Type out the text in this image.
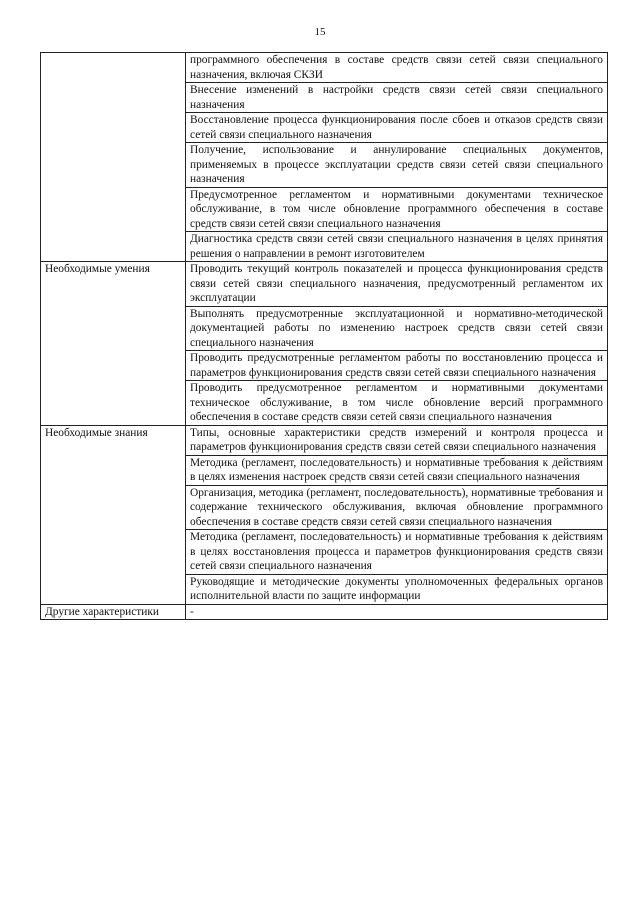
15

	программного обеспечения в составе средств связи сетей связи специального назначения, включая СКЗИ

	Внесение изменений в настройки средств связи сетей связи специального назначения

	Восстановление процесса функционирования после сбоев и отказов средств связи сетей связи специального назначения

	Получение, использование и аннулирование специальных документов, применяемых в процессе эксплуатации средств связи сетей связи специального назначения

	Предусмотренное регламентом и нормативными документами техническое обслуживание, в том числе обновление программного обеспечения в составе средств связи сетей связи специального назначения

	Диагностика средств связи сетей связи специального назначения в целях принятия решения о направлении в ремонт изготовителем

Необходимые умения	Проводить текущий контроль показателей и процесса функционирования средств связи сетей связи специального назначения, предусмотренный регламентом их эксплуатации

	Выполнять предусмотренные эксплуатационной и нормативно-методической документацией работы по изменению настроек средств связи сетей связи специального назначения

	Проводить предусмотренные регламентом работы по восстановлению процесса и параметров функционирования средств связи сетей связи специального назначения

	Проводить предусмотренное регламентом и нормативными документами техническое обслуживание, в том числе обновление версий программного обеспечения в составе средств связи сетей связи специального назначения

Необходимые знания	Типы, основные характеристики средств измерений и контроля процесса и параметров функционирования средств связи сетей связи специального назначения

	Методика (регламент, последовательность) и нормативные требования к действиям в целях изменения настроек средств связи сетей связи специального назначения

	Организация, методика (регламент, последовательность), нормативные требования и содержание технического обслуживания, включая обновление программного обеспечения в составе средств связи сетей связи специального назначения

	Методика (регламент, последовательность) и нормативные требования к действиям в целях восстановления процесса и параметров функционирования средств связи сетей связи специального назначения

	Руководящие и методические документы уполномоченных федеральных органов исполнительной власти по защите информации

Другие характеристики	-
